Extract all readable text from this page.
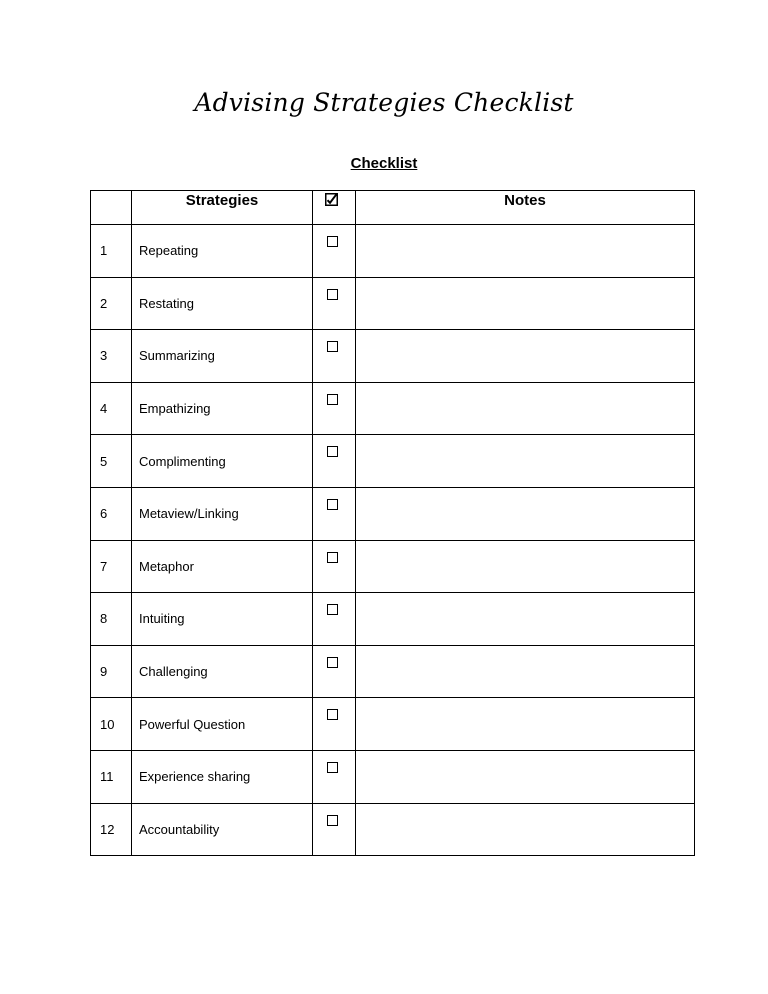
Advising Strategies Checklist
Checklist

	Strategies		Notes

1	Repeating		
2	Restating		
3	Summarizing		
4	Empathizing		
5	Complimenting		
6	Metaview/Linking		
7	Metaphor		
8	Intuiting		
9	Challenging		
10	Powerful Question		
11	Experience sharing		
12	Accountability		
